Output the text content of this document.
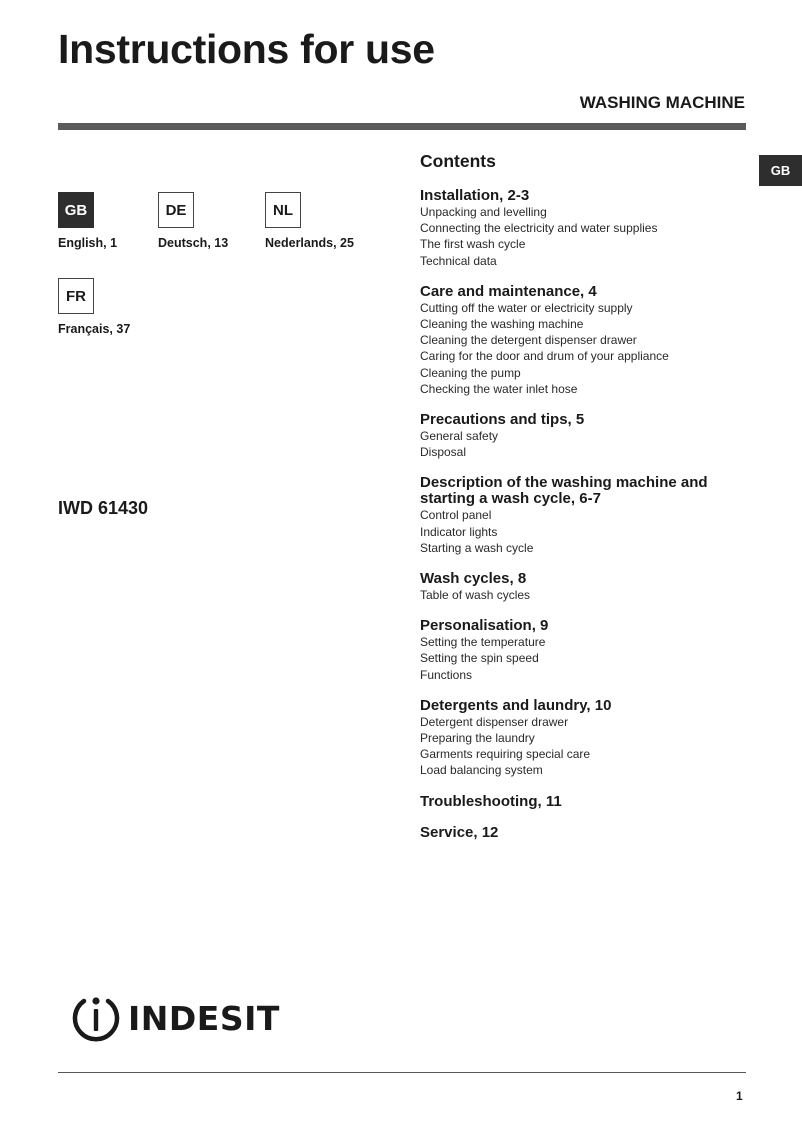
Instructions for use
WASHING MACHINE
GB
GB
English, 1
DE
Deutsch, 13
NL
Nederlands, 25
FR
Français, 37
IWD 61430
Contents
Installation, 2-3
Unpacking and levelling
Connecting the electricity and water supplies
The first wash cycle
Technical data
Care and maintenance, 4
Cutting off the water or electricity supply
Cleaning the washing machine
Cleaning the detergent dispenser drawer
Caring for the door and drum of your appliance
Cleaning the pump
Checking the water inlet hose
Precautions and tips, 5
General safety
Disposal
Description of the washing machine and starting a wash cycle, 6-7
Control panel
Indicator lights
Starting a wash cycle
Wash cycles, 8
Table of wash cycles
Personalisation, 9
Setting the temperature
Setting the spin speed
Functions
Detergents and laundry, 10
Detergent dispenser drawer
Preparing the laundry
Garments requiring special care
Load balancing system
Troubleshooting, 11
Service, 12
INDESIT
1
